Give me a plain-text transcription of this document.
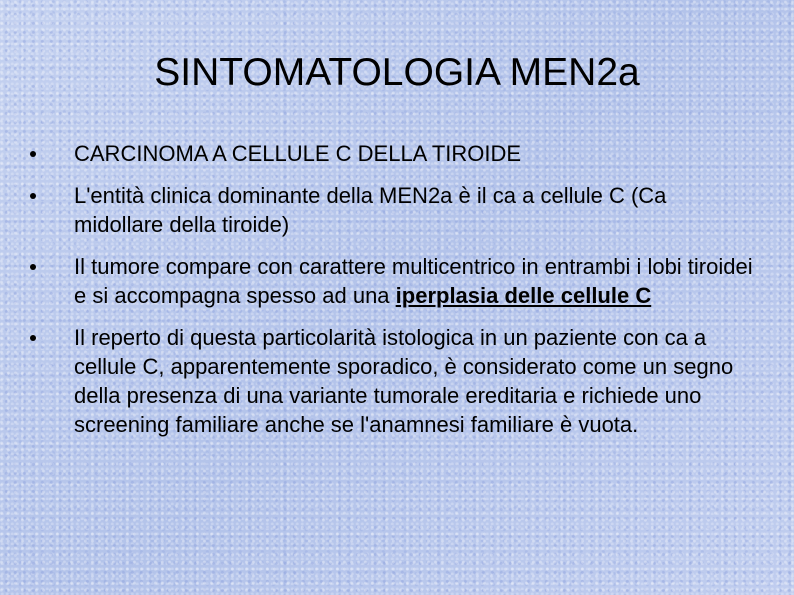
SINTOMATOLOGIA MEN2a
CARCINOMA A CELLULE C DELLA TIROIDE
L'entità clinica dominante della MEN2a è il ca a cellule C (Ca midollare della tiroide)
Il tumore compare con carattere multicentrico in entrambi i lobi tiroidei e si accompagna spesso ad una iperplasia delle cellule C
Il reperto di questa particolarità istologica in un paziente con ca a cellule C, apparentemente sporadico, è considerato come un segno della presenza di una variante tumorale ereditaria e richiede uno screening familiare anche se l'anamnesi familiare è vuota.
